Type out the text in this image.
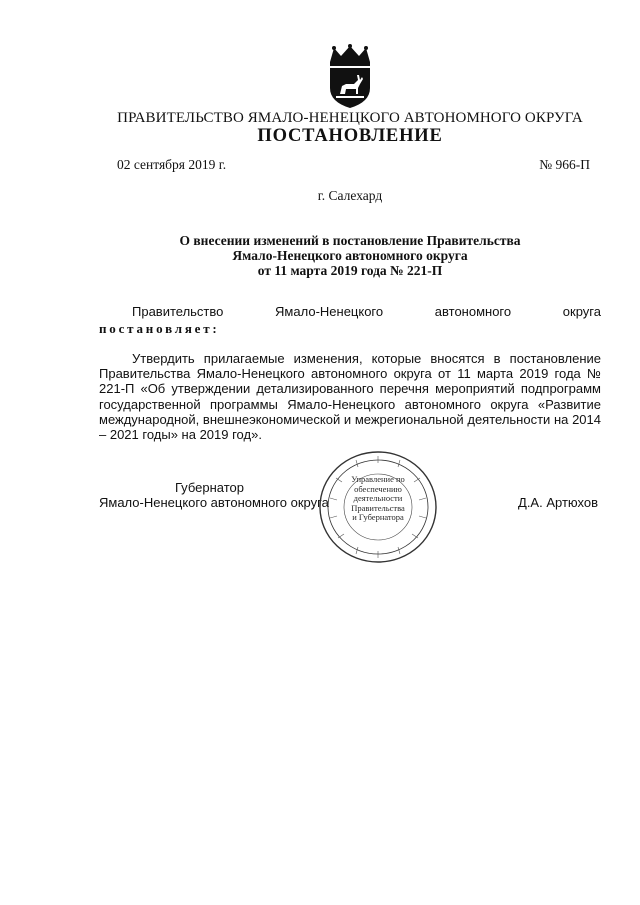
ПРАВИТЕЛЬСТВО ЯМАЛО-НЕНЕЦКОГО АВТОНОМНОГО ОКРУГА
ПОСТАНОВЛЕНИЕ
02 сентября 2019 г.	№ 966-П
г. Салехард
О внесении изменений в постановление Правительства
Ямало-Ненецкого автономного округа
от 11 марта 2019 года № 221-П
Правительство	Ямало-Ненецкого	автономного	округа
постановляет:
Утвердить прилагаемые изменения, которые вносятся в постановление Правительства Ямало-Ненецкого автономного округа от 11 марта 2019 года № 221-П «Об утверждении детализированного перечня мероприятий подпрограмм государственной программы Ямало-Ненецкого автономного округа «Развитие международной, внешнеэкономической и межрегиональной деятельности на 2014 – 2021 годы» на 2019 год».
Губернатор
Ямало-Ненецкого автономного округа	Д.А. Артюхов
Управление по
обеспечению
деятельности
Правительства
и Губернатора
